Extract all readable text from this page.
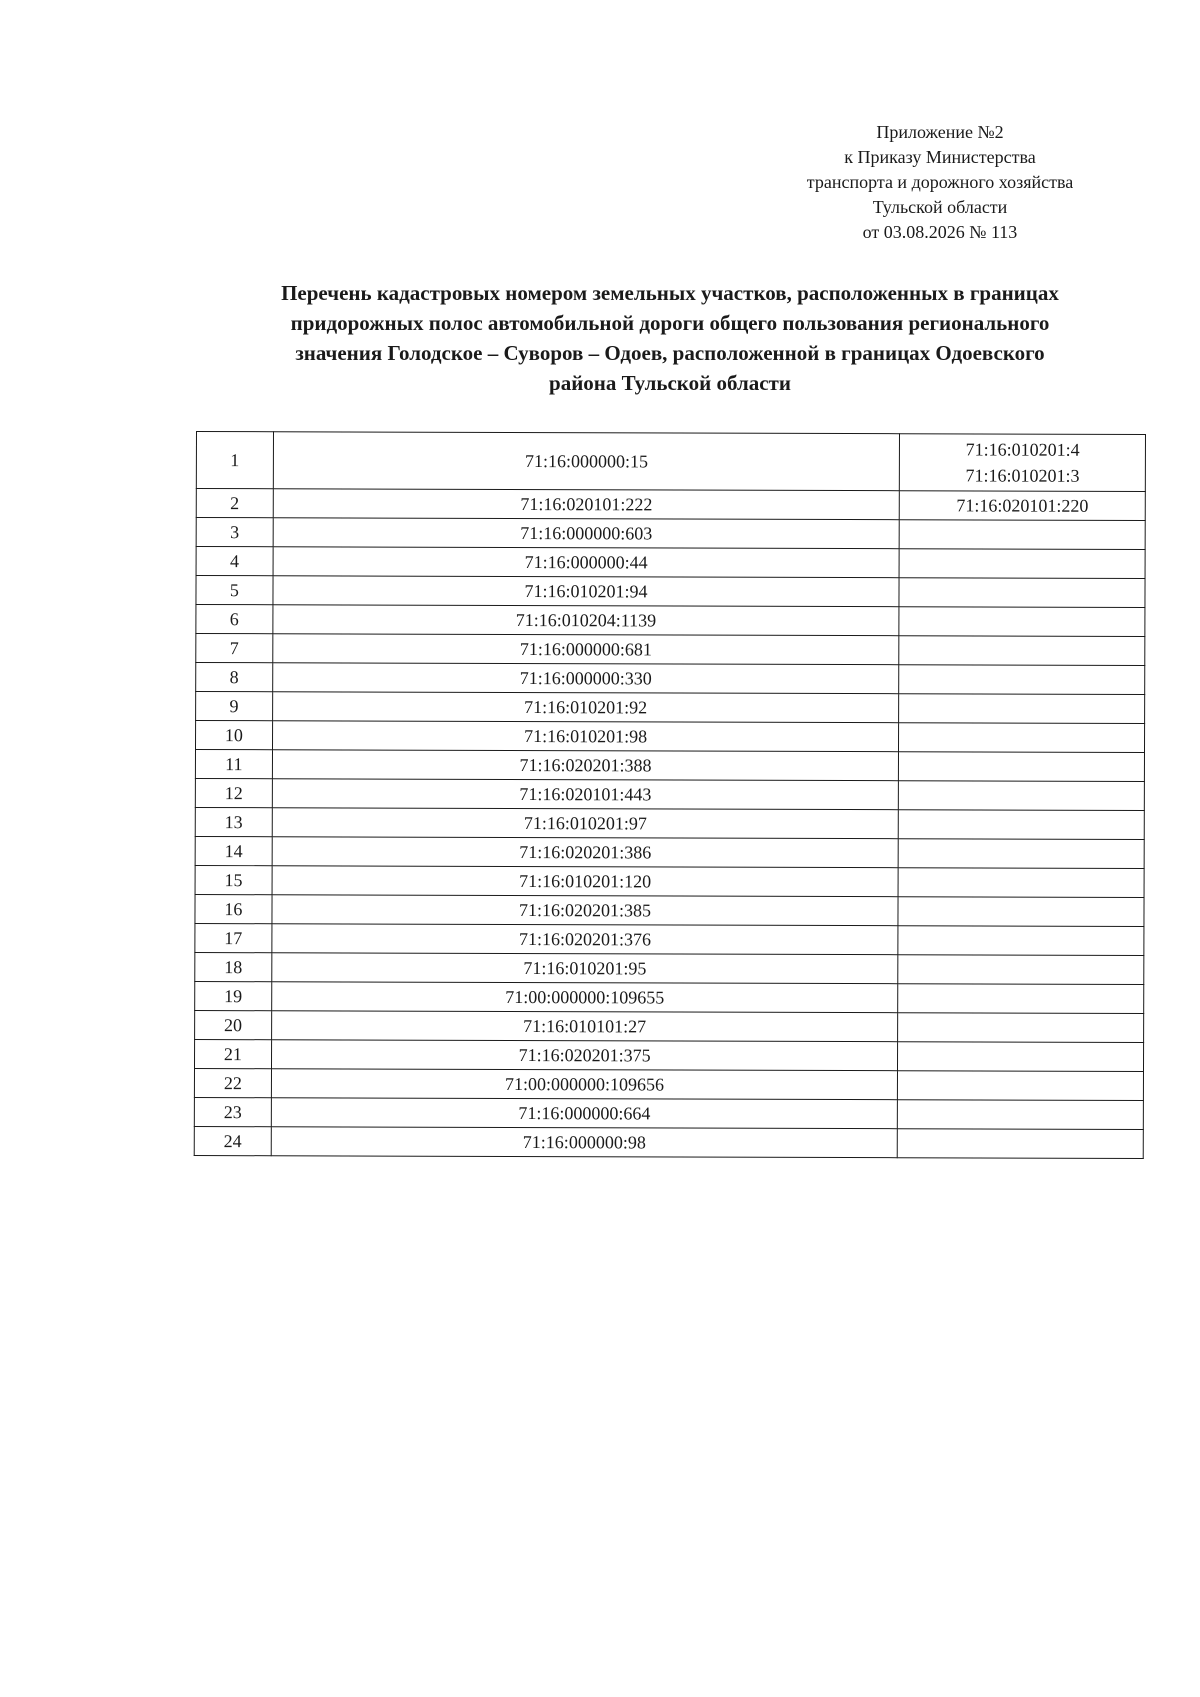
Приложение №2
к Приказу Министерства
транспорта и дорожного хозяйства
Тульской области
от 03.08.2026 № 113
Перечень кадастровых номером земельных участков, расположенных в границах
придорожных полос автомобильной дороги общего пользования регионального
значения Голодское – Суворов – Одоев, расположенной в границах Одоевского
района Тульской области
1	71:16:000000:15	71:16:010201:4
71:16:010201:3

2	71:16:020101:222	71:16:020101:220

3	71:16:000000:603	
4	71:16:000000:44	
5	71:16:010201:94	
6	71:16:010204:1139	
7	71:16:000000:681	
8	71:16:000000:330	
9	71:16:010201:92	
10	71:16:010201:98	
11	71:16:020201:388	
12	71:16:020101:443	
13	71:16:010201:97	
14	71:16:020201:386	
15	71:16:010201:120	
16	71:16:020201:385	
17	71:16:020201:376	
18	71:16:010201:95	
19	71:00:000000:109655	
20	71:16:010101:27	
21	71:16:020201:375	
22	71:00:000000:109656	
23	71:16:000000:664	
24	71:16:000000:98	
